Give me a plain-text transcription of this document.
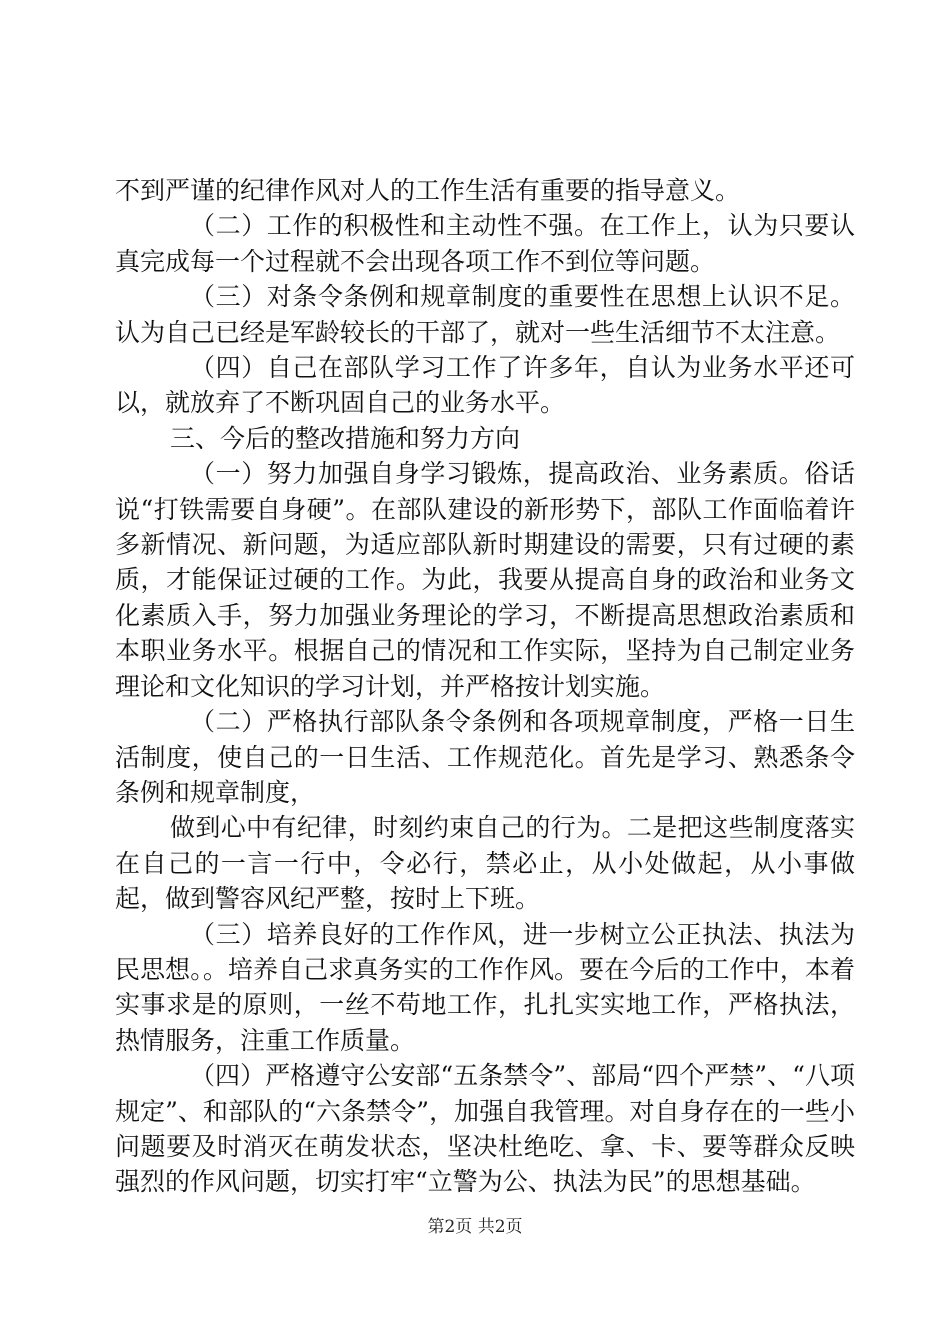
不到严谨的纪律作风对人的工作生活有重要的指导意义。

（二）工作的积极性和主动性不强。在工作上，认为只要认真完成每一个过程就不会出现各项工作不到位等问题。

（三）对条令条例和规章制度的重要性在思想上认识不足。认为自己已经是军龄较长的干部了，就对一些生活细节不太注意。

（四）自己在部队学习工作了许多年，自认为业务水平还可以，就放弃了不断巩固自己的业务水平。

三、今后的整改措施和努力方向

（一）努力加强自身学习锻炼，提高政治、业务素质。俗话说“打铁需要自身硬”。在部队建设的新形势下，部队工作面临着许多新情况、新问题，为适应部队新时期建设的需要，只有过硬的素质，才能保证过硬的工作。为此，我要从提高自身的政治和业务文化素质入手，努力加强业务理论的学习，不断提高思想政治素质和本职业务水平。根据自己的情况和工作实际，坚持为自己制定业务理论和文化知识的学习计划，并严格按计划实施。

（二）严格执行部队条令条例和各项规章制度，严格一日生活制度，使自己的一日生活、工作规范化。首先是学习、熟悉条令条例和规章制度，

做到心中有纪律，时刻约束自己的行为。二是把这些制度落实在自己的一言一行中，令必行，禁必止，从小处做起，从小事做起，做到警容风纪严整，按时上下班。

（三）培养良好的工作作风，进一步树立公正执法、执法为民思想。。培养自己求真务实的工作作风。要在今后的工作中，本着实事求是的原则，一丝不苟地工作，扎扎实实地工作，严格执法，热情服务，注重工作质量。

（四）严格遵守公安部“五条禁令”、部局“四个严禁”、“八项规定”、和部队的“六条禁令”，加强自我管理。对自身存在的一些小问题要及时消灭在萌发状态，坚决杜绝吃、拿、卡、要等群众反映强烈的作风问题，切实打牢“立警为公、执法为民”的思想基础。

第2页 共2页
